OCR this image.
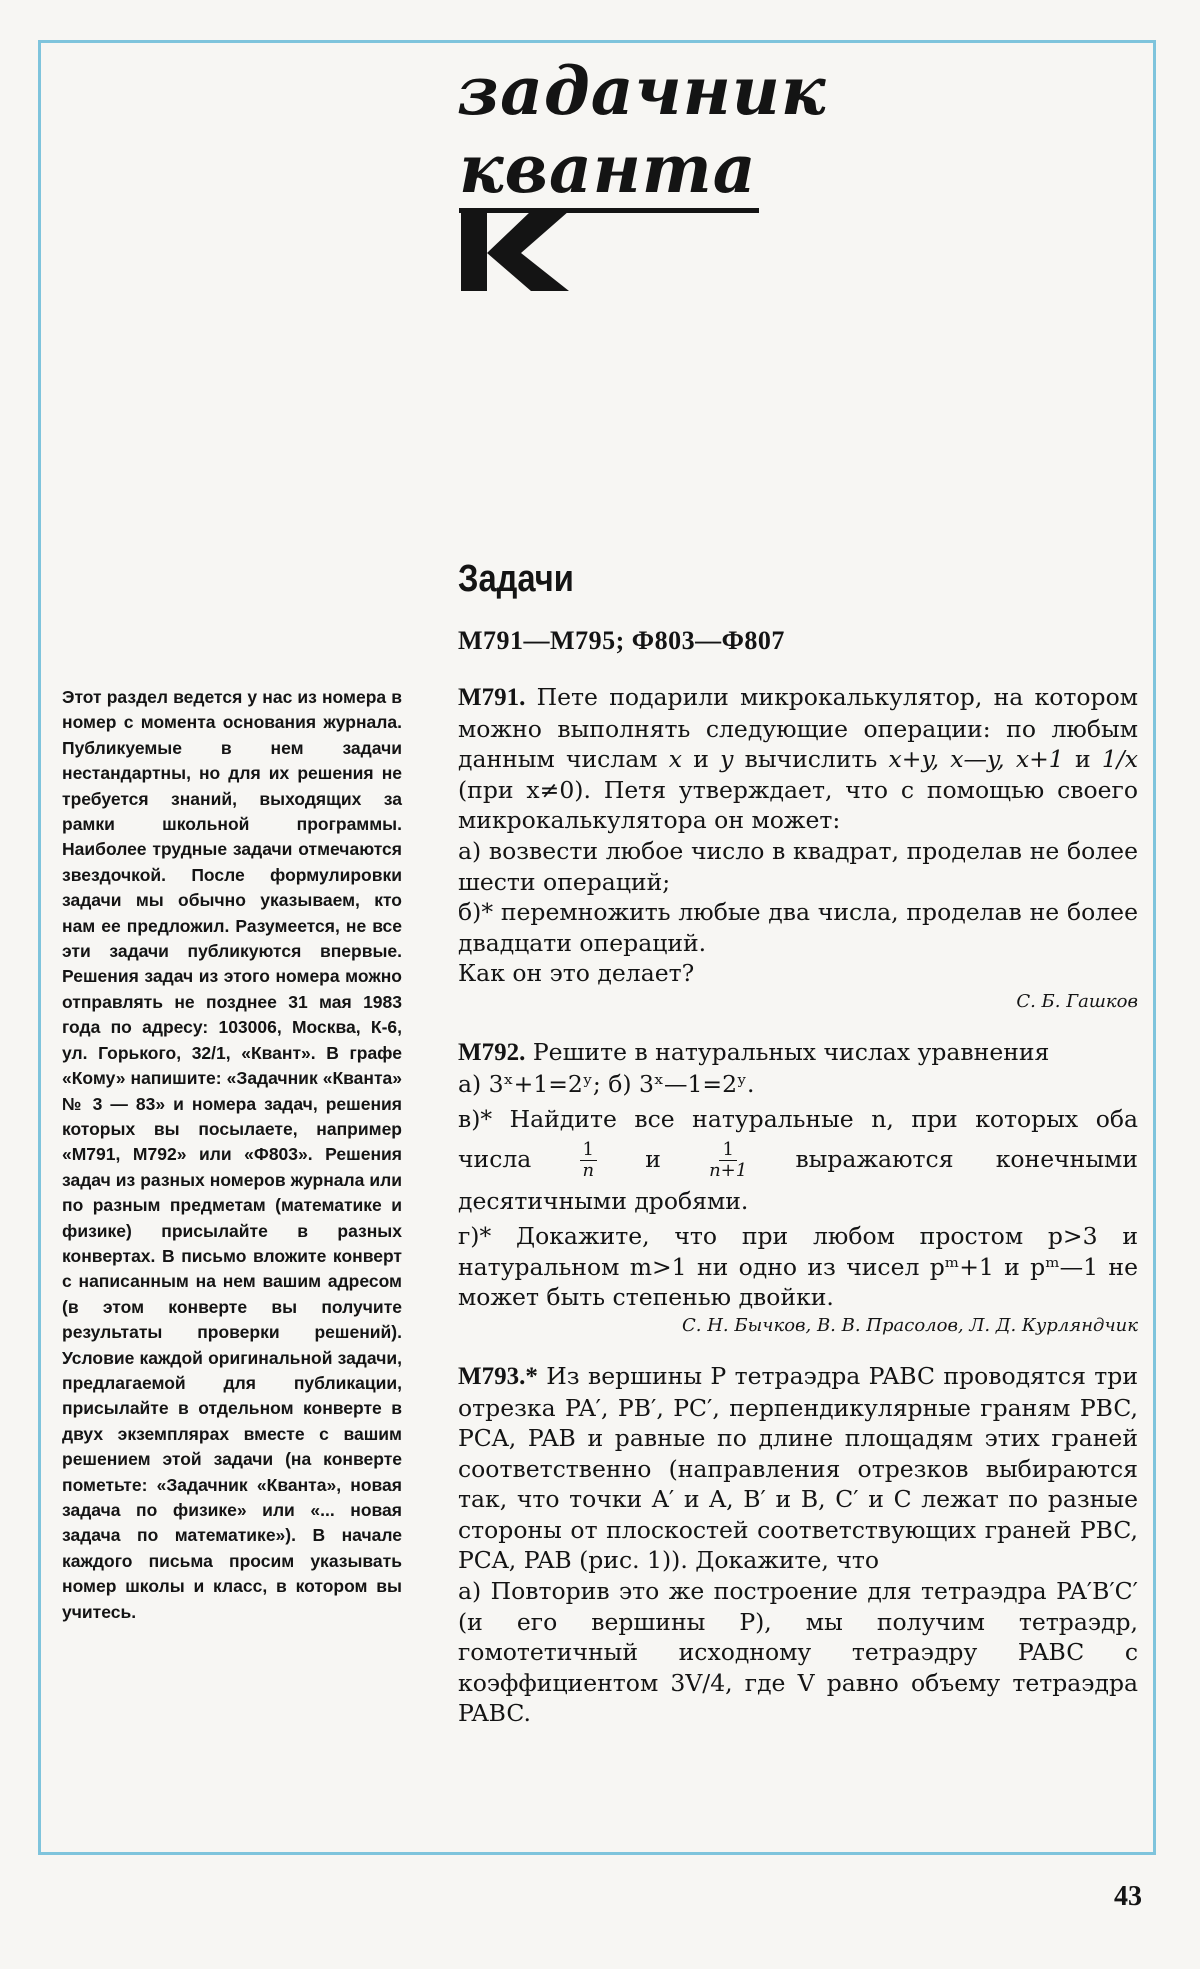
задачник
кванта
Задачи
М791—М795; Ф803—Ф807
Этот раздел ведется у нас из номера в номер с момента основания журнала. Публикуемые в нем задачи нестандартны, но для их решения не требуется знаний, выходящих за рамки школьной программы. Наиболее трудные задачи отмечаются звездочкой. После формулировки задачи мы обычно указываем, кто нам ее предложил. Разумеется, не все эти задачи публикуются впервые. Решения задач из этого номера можно отправлять не позднее 31 мая 1983 года по адресу: 103006, Москва, К-6, ул. Горького, 32/1, «Квант». В графе «Кому» напишите: «Задачник «Кванта» № 3 — 83» и номера задач, решения которых вы посылаете, например «М791, М792» или «Ф803». Решения задач из разных номеров журнала или по разным предметам (математике и физике) присылайте в разных конвертах. В письмо вложите конверт с написанным на нем вашим адресом (в этом конверте вы получите результаты проверки решений). Условие каждой оригинальной задачи, предлагаемой для публикации, присылайте в отдельном конверте в двух экземплярах вместе с вашим решением этой задачи (на конверте пометьте: «Задачник «Кванта», новая задача по физике» или «... новая задача по математике»). В начале каждого письма просим указывать номер школы и класс, в котором вы учитесь.

М791. Пете подарили микрокалькулятор, на котором можно выполнять следующие операции: по любым данным числам x и y вычислить x+y, x—y, x+1 и 1/x (при x≠0). Петя утверждает, что с помощью своего микрокалькулятора он может:

а) возвести любое число в квадрат, проделав не более шести операций;

б)* перемножить любые два числа, проделав не более двадцати операций.

Как он это делает?

С. Б. Гашков

М792. Решите в натуральных числах уравнения

а) 3ˣ+1=2ʸ; б) 3ˣ—1=2ʸ.

в)* Найдите все натуральные n, при которых оба числа	$\frac{1}{n}$ и	$\frac{1}{n+1}$ выражаются конечными десятичными дробями.

г)* Докажите, что при любом простом p>3 и натуральном m>1 ни одно из чисел pᵐ+1 и pᵐ—1 не может быть степенью двойки.

С. Н. Бычков, В. В. Прасолов, Л. Д. Курляндчик

М793.* Из вершины P тетраэдра PABC проводятся три отрезка PA′, PB′, PC′, перпендикулярные граням PBC, PCA, PAB и равные по длине площадям этих граней соответственно (направления отрезков выбираются так, что точки A′ и A, B′ и B, C′ и C лежат по разные стороны от плоскостей соответствующих граней PBC, PCA, PAB (рис. 1)). Докажите, что

а) Повторив это же построение для тетраэдра PA′B′C′ (и его вершины P), мы получим тетраэдр, гомотетичный исходному тетраэдру PABC с коэффициентом 3V/4, где V равно объему тетраэдра PABC.

43
